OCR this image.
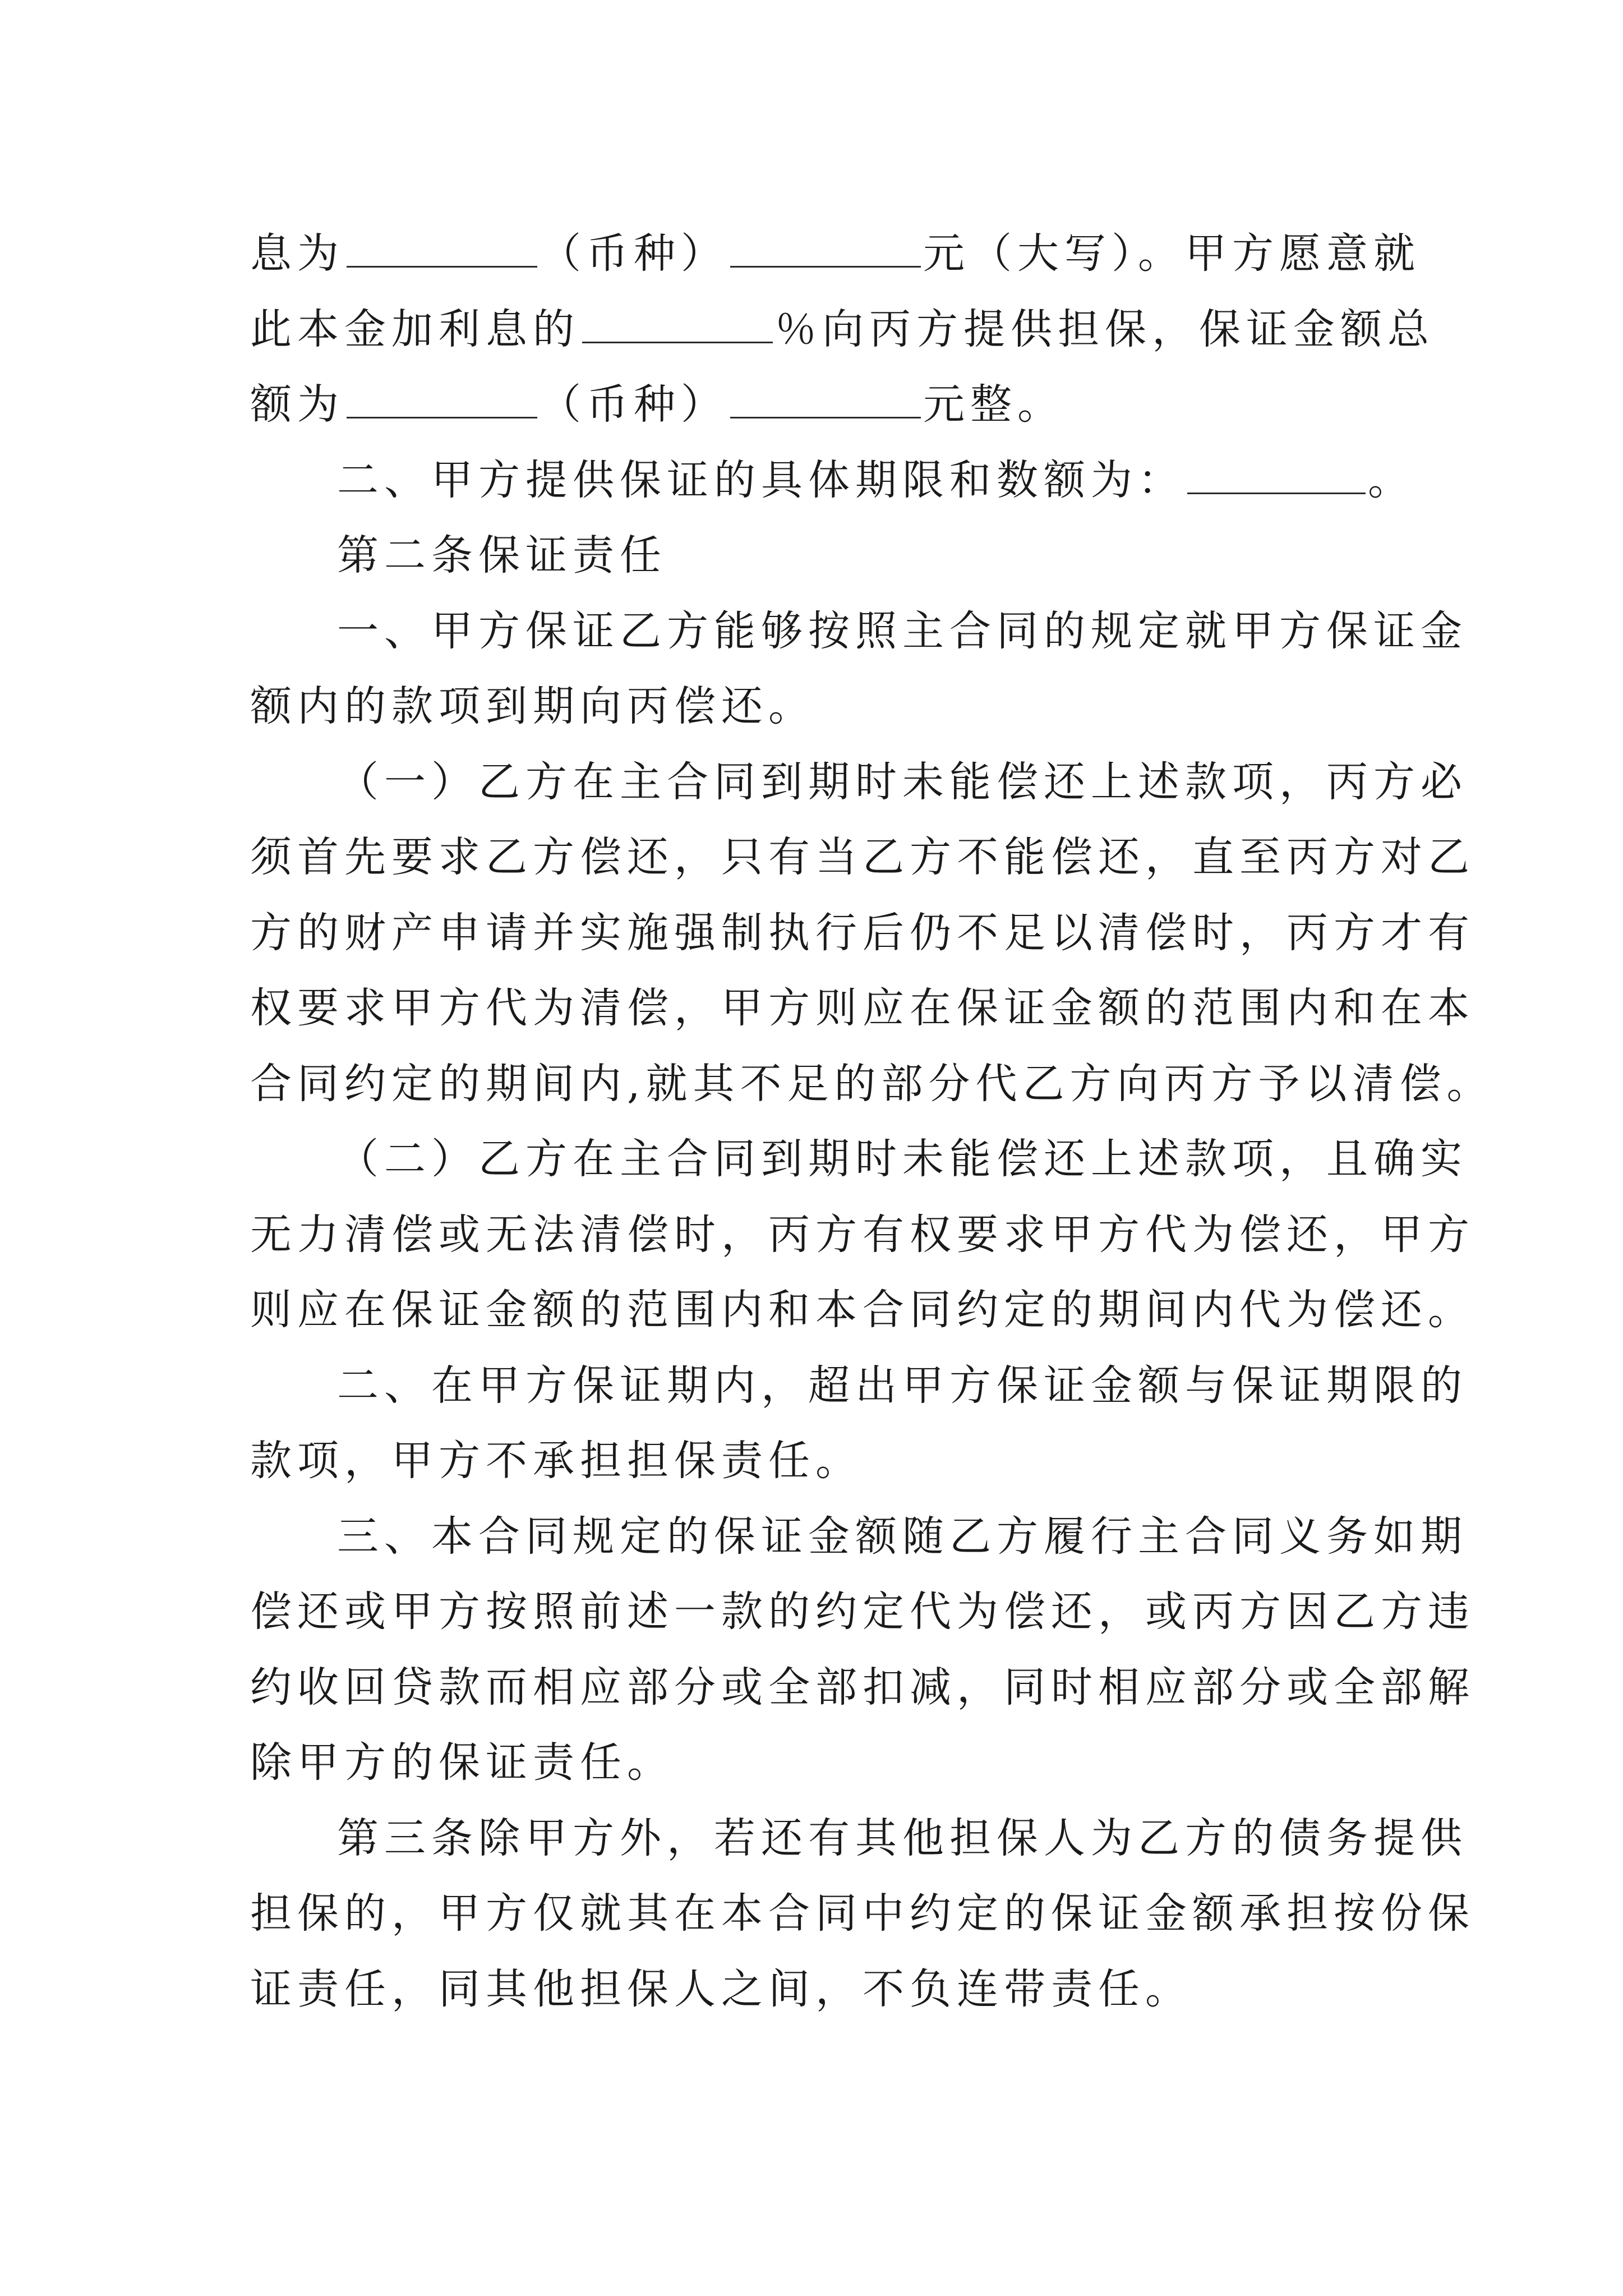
息为	（币种）	元（大写）。甲方愿意就
此本金加利息的	％向丙方提供担保，保证金额总
额为	（币种）	元整。
二、甲方提供保证的具体期限和数额为：	。
第二条保证责任
一、甲方保证乙方能够按照主合同的规定就甲方保证金
额内的款项到期向丙偿还。
（一）乙方在主合同到期时未能偿还上述款项，丙方必
须首先要求乙方偿还，只有当乙方不能偿还，直至丙方对乙
方的财产申请并实施强制执行后仍不足以清偿时，丙方才有
权要求甲方代为清偿，甲方则应在保证金额的范围内和在本
合同约定的期间内,就其不足的部分代乙方向丙方予以清偿。
（二）乙方在主合同到期时未能偿还上述款项，且确实
无力清偿或无法清偿时，丙方有权要求甲方代为偿还，甲方
则应在保证金额的范围内和本合同约定的期间内代为偿还。
二、在甲方保证期内，超出甲方保证金额与保证期限的
款项，甲方不承担担保责任。
三、本合同规定的保证金额随乙方履行主合同义务如期
偿还或甲方按照前述一款的约定代为偿还，或丙方因乙方违
约收回贷款而相应部分或全部扣减，同时相应部分或全部解
除甲方的保证责任。
第三条除甲方外，若还有其他担保人为乙方的债务提供
担保的，甲方仅就其在本合同中约定的保证金额承担按份保
证责任，同其他担保人之间，不负连带责任。
